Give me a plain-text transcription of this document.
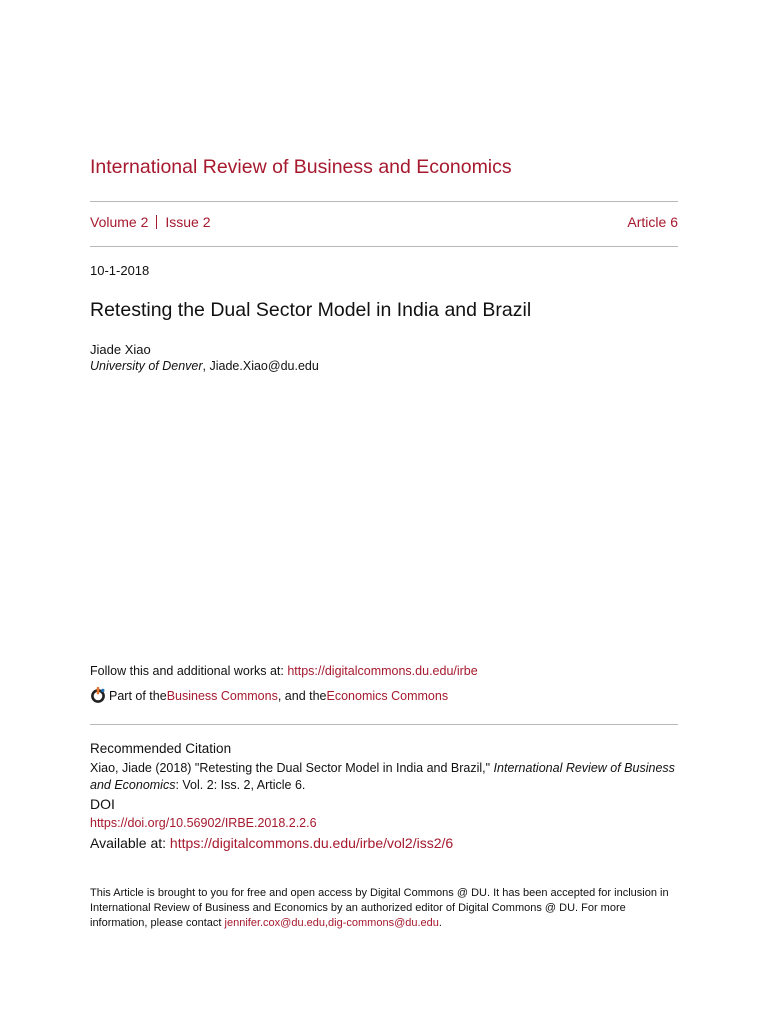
International Review of Business and Economics
Volume 2 Issue 2	Article 6
10-1-2018
Retesting the Dual Sector Model in India and Brazil
Jiade Xiao
University of Denver, Jiade.Xiao@du.edu
Follow this and additional works at: https://digitalcommons.du.edu/irbe
Part of the Business Commons , and the Economics Commons
Recommended Citation
Xiao, Jiade (2018) "Retesting the Dual Sector Model in India and Brazil," International Review of Business and Economics: Vol. 2: Iss. 2, Article 6.
DOI
https://doi.org/10.56902/IRBE.2018.2.2.6
Available at: https://digitalcommons.du.edu/irbe/vol2/iss2/6
This Article is brought to you for free and open access by Digital Commons @ DU. It has been accepted for inclusion in International Review of Business and Economics by an authorized editor of Digital Commons @ DU. For more information, please contact jennifer.cox@du.edu,dig-commons@du.edu.
